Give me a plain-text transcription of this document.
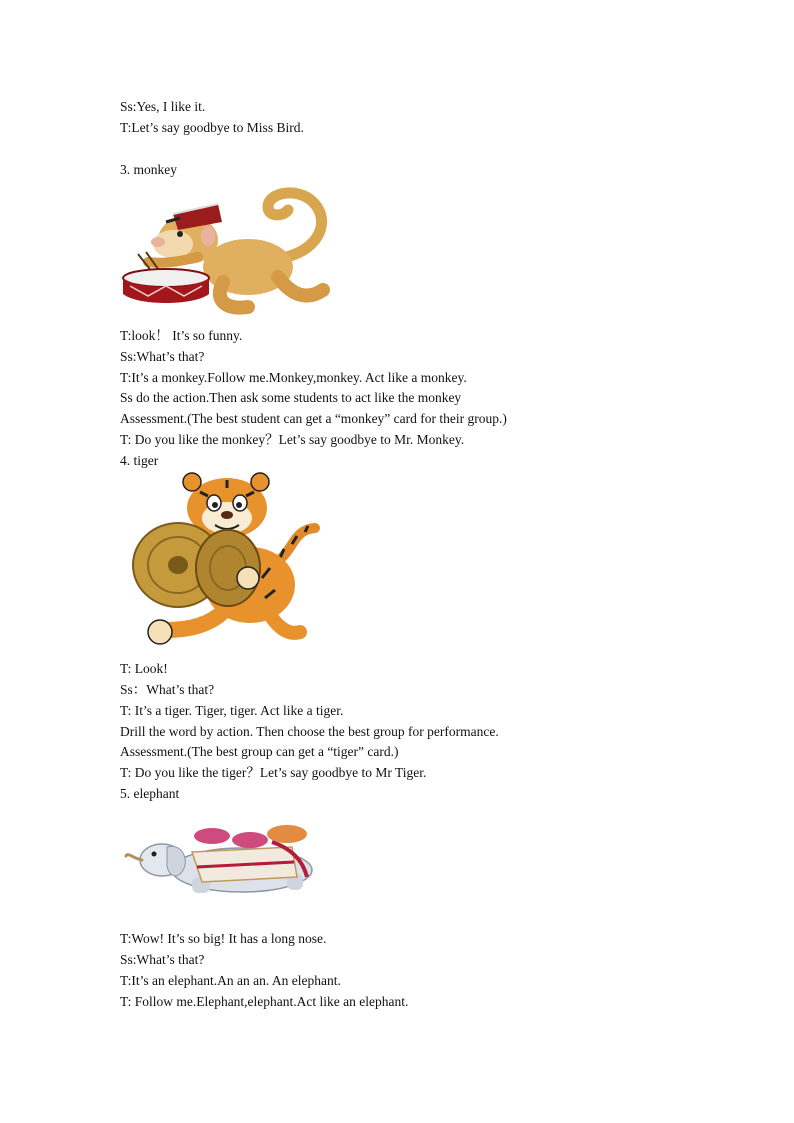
Ss:Yes, I like it.
T:Let’s say goodbye to Miss Bird.
3. monkey
T:look！ It’s so funny.
Ss:What’s that?
T:It’s a monkey.Follow me.Monkey,monkey. Act like a monkey.
Ss do the action.Then ask some students to act like the monkey
Assessment.(The best student can get a “monkey” card for their group.)
T: Do you like the monkey？Let’s say goodbye to Mr. Monkey.
4. tiger
T: Look!
Ss：What’s that?
T: It’s a tiger. Tiger, tiger. Act like a tiger.
Drill the word by action. Then choose the best group for performance.
Assessment.(The best group can get a “tiger” card.)
T: Do you like the tiger？Let’s say goodbye to Mr Tiger.
5. elephant
T:Wow! It’s so big! It has a long nose.
Ss:What’s that?
T:It’s an elephant.An an an. An elephant.
T: Follow me.Elephant,elephant.Act like an elephant.
